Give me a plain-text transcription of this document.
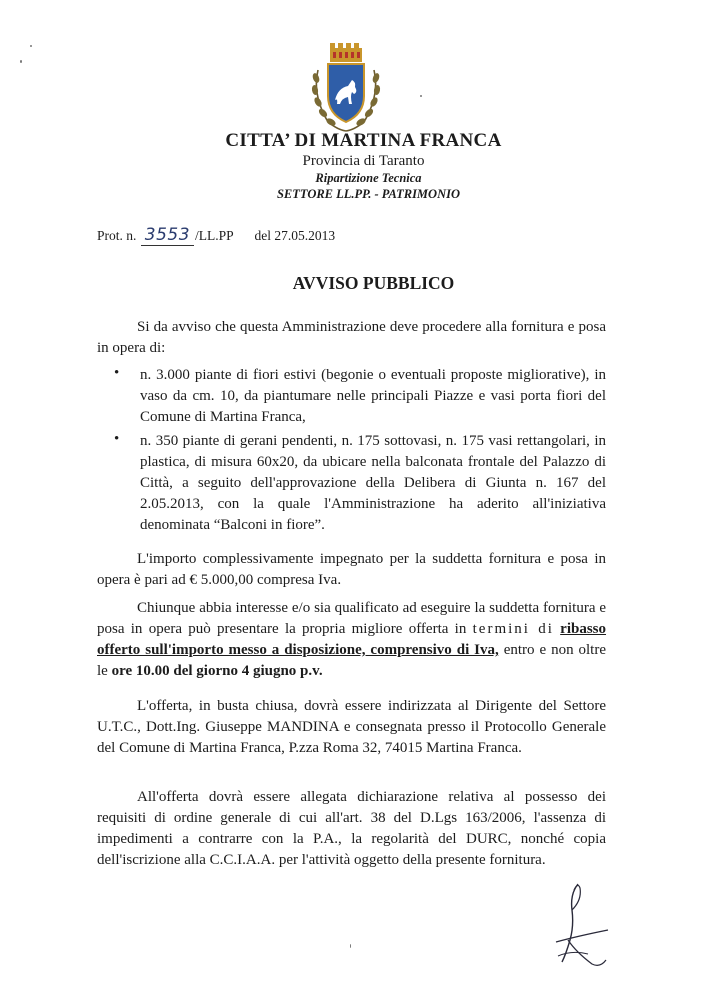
CITTA’ DI MARTINA FRANCA
Provincia di Taranto
Ripartizione Tecnica
SETTORE LL.PP. - PATRIMONIO
Prot. n. 3553 /LL.PP del 27.05.2013
AVVISO PUBBLICO
Si da avviso che questa Amministrazione deve procedere alla fornitura e posa in opera di:
• n. 3.000 piante di fiori estivi (begonie o eventuali proposte migliorative), in vaso da cm. 10, da piantumare nelle principali Piazze e vasi porta fiori del Comune di Martina Franca,
• n. 350 piante di gerani pendenti, n. 175 sottovasi, n. 175 vasi rettangolari, in plastica, di misura 60x20, da ubicare nella balconata frontale del Palazzo di Città, a seguito dell'approvazione della Delibera di Giunta n. 167 del 2.05.2013, con la quale l'Amministrazione ha aderito all'iniziativa denominata “Balconi in fiore”.
L'importo complessivamente impegnato per la suddetta fornitura e posa in opera è pari ad € 5.000,00 compresa Iva.
Chiunque abbia interesse e/o sia qualificato ad eseguire la suddetta fornitura e posa in opera può presentare la propria migliore offerta in termini di ribasso offerto sull'importo messo a disposizione, comprensivo di Iva, entro e non oltre le ore 10.00 del giorno 4 giugno p.v.
L'offerta, in busta chiusa, dovrà essere indirizzata al Dirigente del Settore U.T.C., Dott.Ing. Giuseppe MANDINA e consegnata presso il Protocollo Generale del Comune di Martina Franca, P.zza Roma 32, 74015 Martina Franca.
All'offerta dovrà essere allegata dichiarazione relativa al possesso dei requisiti di ordine generale di cui all'art. 38 del D.Lgs 163/2006, l'assenza di impedimenti a contrarre con la P.A., la regolarità del DURC, nonché copia dell'iscrizione alla C.C.I.A.A. per l'attività oggetto della presente fornitura.
